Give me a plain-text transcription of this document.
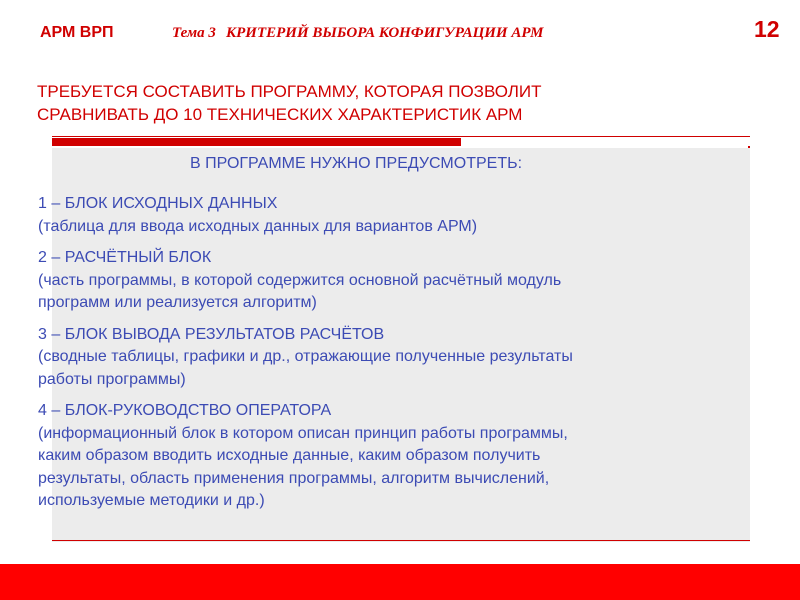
АРМ ВРП	Тема 3 КРИТЕРИЙ ВЫБОРА КОНФИГУРАЦИИ АРМ	12
ТРЕБУЕТСЯ СОСТАВИТЬ ПРОГРАММУ, КОТОРАЯ ПОЗВОЛИТ
СРАВНИВАТЬ ДО 10 ТЕХНИЧЕСКИХ ХАРАКТЕРИСТИК АРМ
В ПРОГРАММЕ НУЖНО ПРЕДУСМОТРЕТЬ:
1 – БЛОК ИСХОДНЫХ ДАННЫХ
(таблица для ввода исходных данных для вариантов АРМ)
2 – РАСЧЁТНЫЙ БЛОК
(часть программы, в которой содержится основной расчётный модуль
программ или реализуется алгоритм)
3 – БЛОК ВЫВОДА РЕЗУЛЬТАТОВ РАСЧЁТОВ
(сводные таблицы, графики и др., отражающие полученные результаты
работы программы)
4 – БЛОК-РУКОВОДСТВО ОПЕРАТОРА
(информационный блок в котором описан принцип работы программы,
каким образом вводить исходные данные, каким образом получить
результаты, область применения программы, алгоритм вычислений,
используемые методики и др.)
